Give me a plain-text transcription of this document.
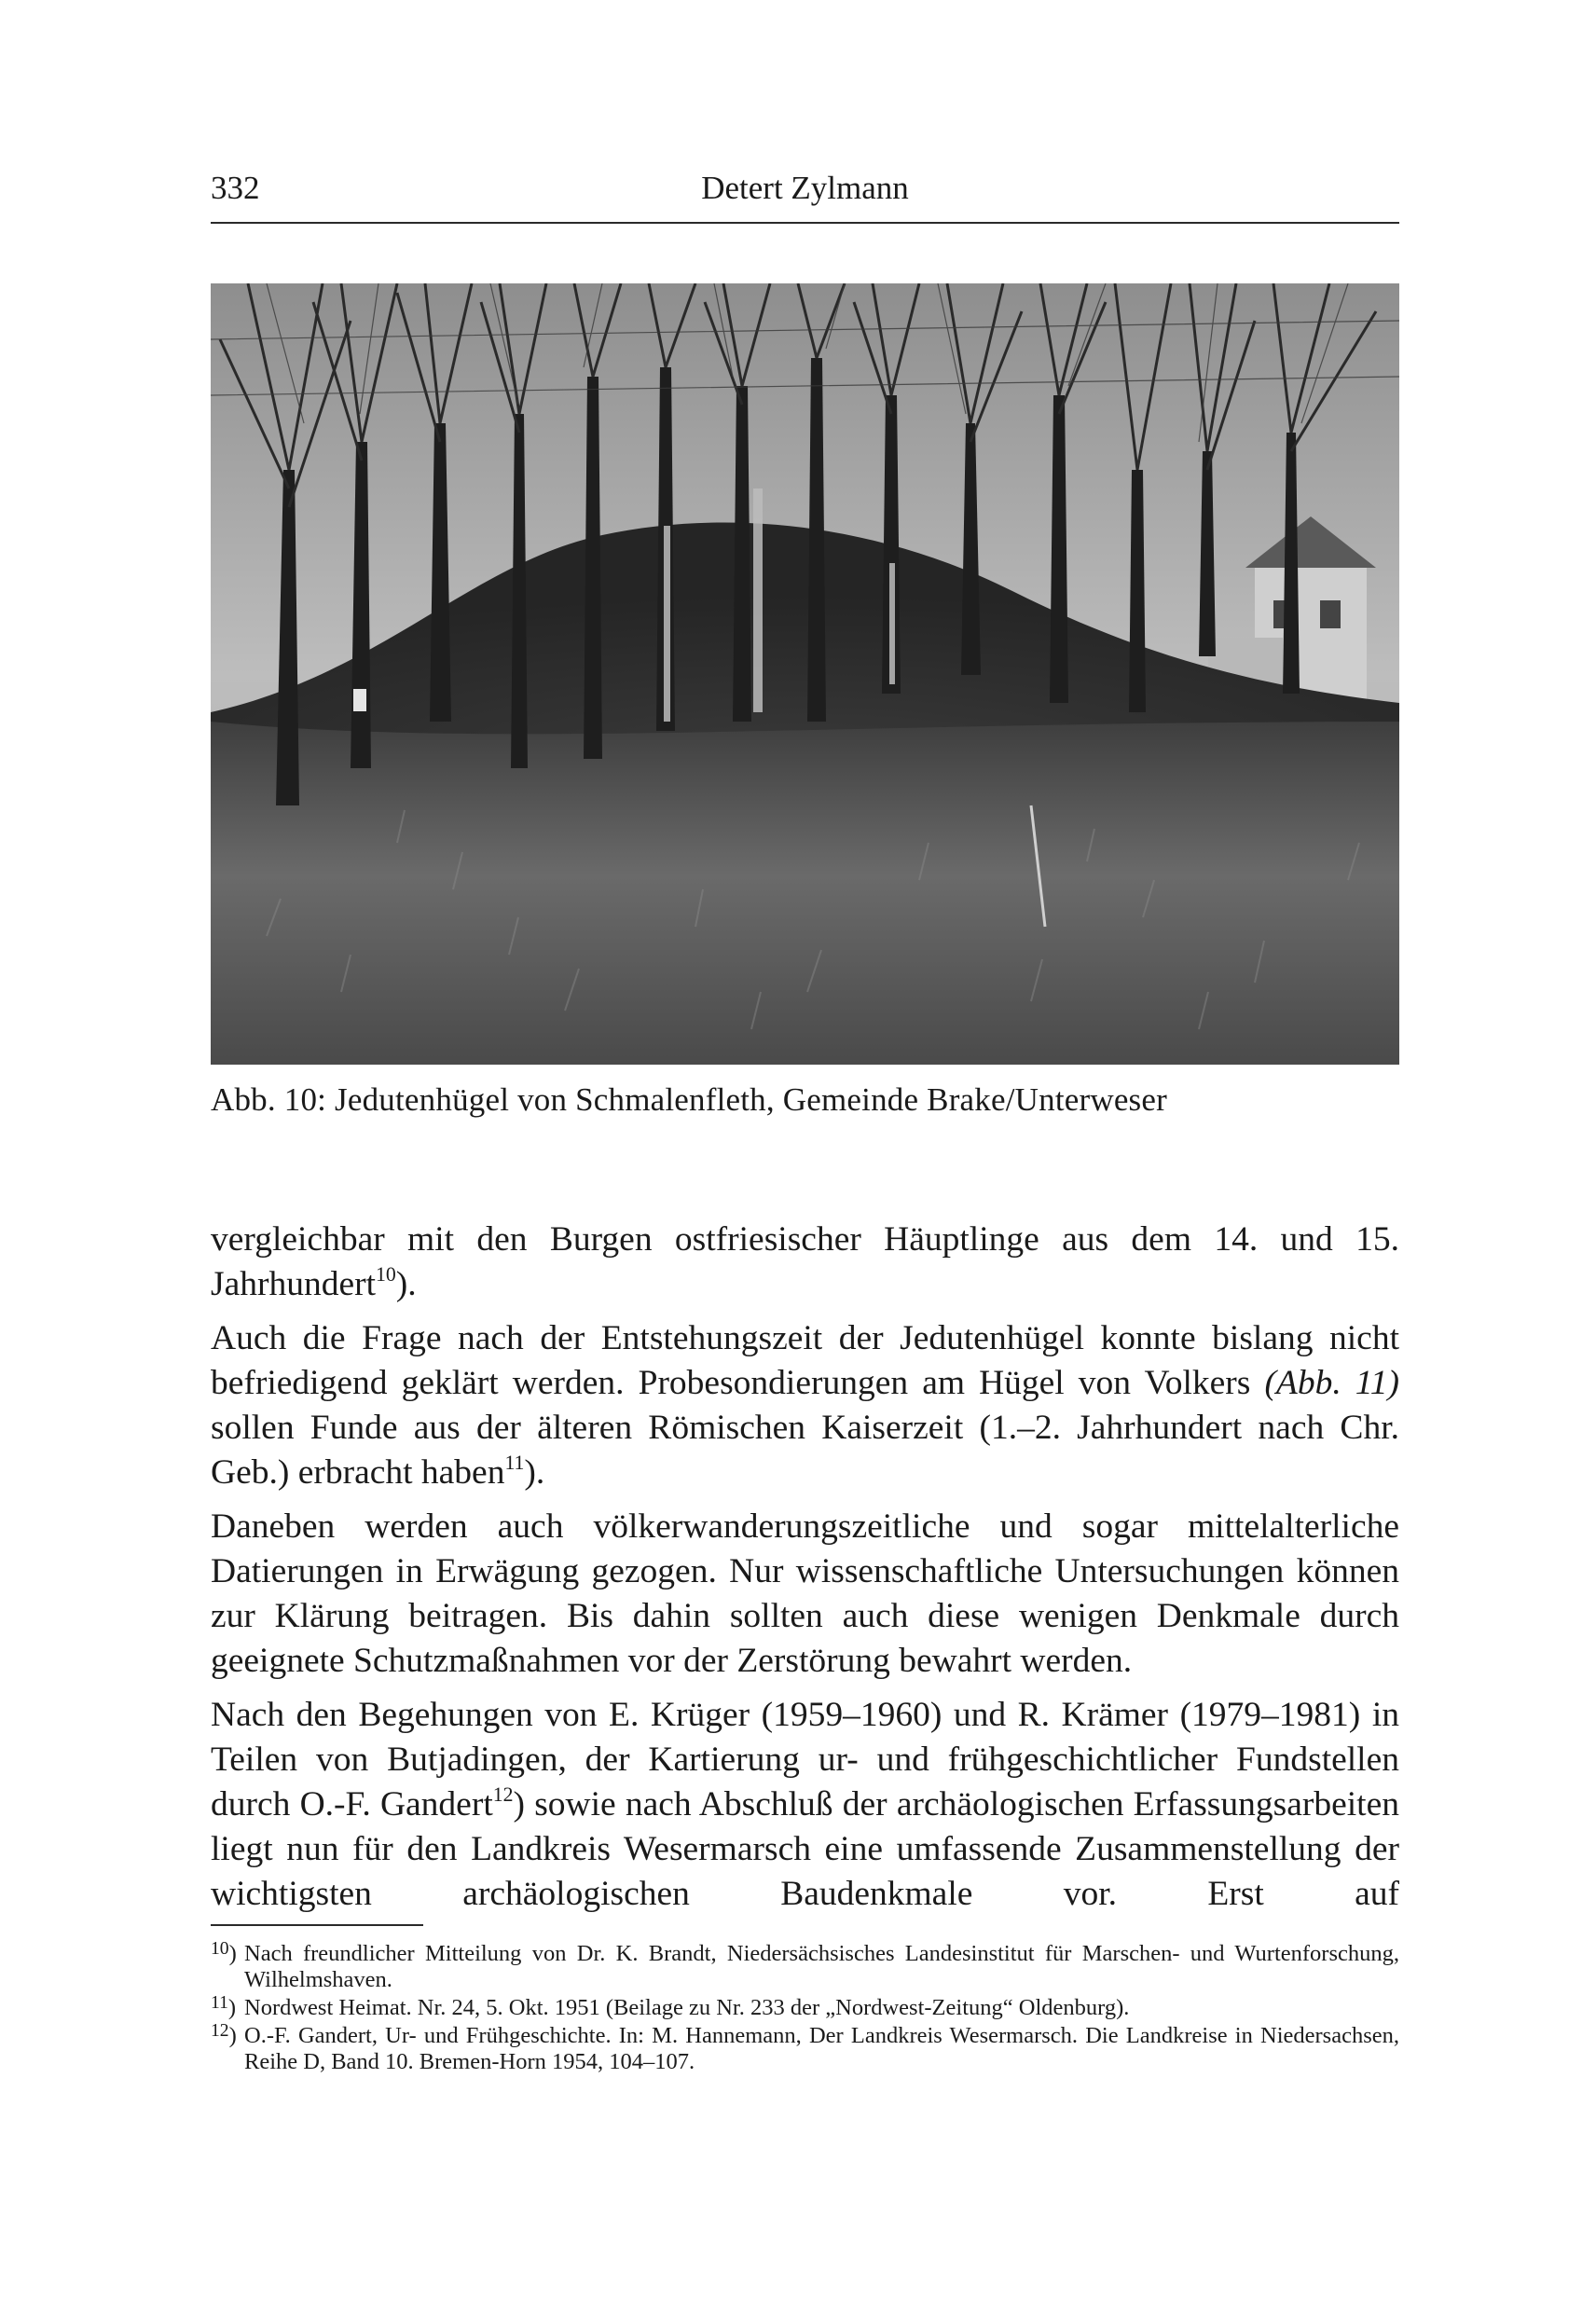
332	Detert Zylmann
Abb. 10: Jedutenhügel von Schmalenfleth, Gemeinde Brake/Unterweser

vergleichbar mit den Burgen ostfriesischer Häuptlinge aus dem 14. und 15. Jahrhundert$^{10}$).

Auch die Frage nach der Entstehungszeit der Jedutenhügel konnte bislang nicht befriedigend geklärt werden. Probesondierungen am Hügel von Volkers (Abb. 11) sollen Funde aus der älteren Römischen Kaiserzeit (1.–2. Jahrhundert nach Chr. Geb.) erbracht haben$^{11}$).

Daneben werden auch völkerwanderungszeitliche und sogar mittelalterliche Datierungen in Erwägung gezogen. Nur wissenschaftliche Untersuchungen können zur Klärung beitragen. Bis dahin sollten auch diese wenigen Denkmale durch geeignete Schutzmaßnahmen vor der Zerstörung bewahrt werden.

Nach den Begehungen von E. Krüger (1959–1960) und R. Krämer (1979–1981) in Teilen von Butjadingen, der Kartierung ur- und frühgeschichtlicher Fundstellen durch O.-F. Gandert$^{12}$) sowie nach Abschluß der archäologischen Erfassungsarbeiten liegt nun für den Landkreis Wesermarsch eine umfassende Zusammenstellung der wichtigsten archäologischen Baudenkmale vor. Erst auf

$^{10}$) Nach freundlicher Mitteilung von Dr. K. Brandt, Niedersächsisches Landesinstitut für Marschen- und Wurtenforschung, Wilhelmshaven.
$^{11}$) Nordwest Heimat. Nr. 24, 5. Okt. 1951 (Beilage zu Nr. 233 der „Nordwest-Zeitung“ Oldenburg).
$^{12}$) O.-F. Gandert, Ur- und Frühgeschichte. In: M. Hannemann, Der Landkreis Wesermarsch. Die Landkreise in Niedersachsen, Reihe D, Band 10. Bremen-Horn 1954, 104–107.
